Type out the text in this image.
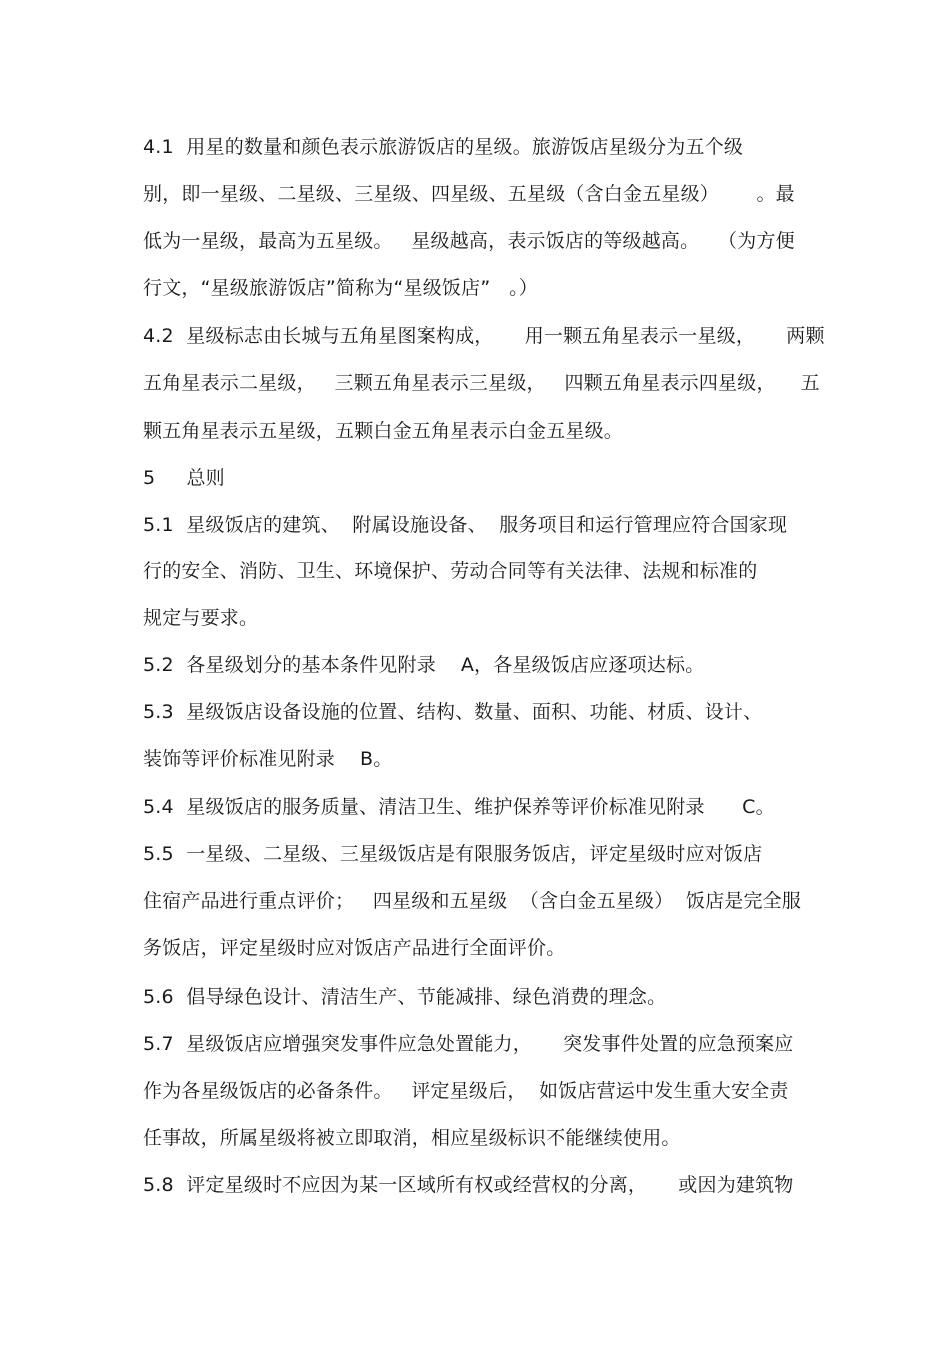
4.1  用星的数量和颜色表示旅游饭店的星级。旅游饭店星级分为五个级
别，即一星级、二星级、三星级、四星级、五星级（含白金五星级）      。最
低为一星级，最高为五星级。   星级越高，表示饭店的等级越高。   （为方便
行文，“星级旅游饭店”简称为“星级饭店”   。）
4.2  星级标志由长城与五角星图案构成，     用一颗五角星表示一星级，     两颗
五角星表示二星级，   三颗五角星表示三星级，   四颗五角星表示四星级，    五
颗五角星表示五星级，五颗白金五角星表示白金五星级。
5     总则
5.1  星级饭店的建筑、  附属设施设备、  服务项目和运行管理应符合国家现
行的安全、消防、卫生、环境保护、劳动合同等有关法律、法规和标准的
规定与要求。
5.2  各星级划分的基本条件见附录    A，各星级饭店应逐项达标。
5.3  星级饭店设备设施的位置、结构、数量、面积、功能、材质、设计、
装饰等评价标准见附录    B。
5.4  星级饭店的服务质量、清洁卫生、维护保养等评价标准见附录      C。
5.5  一星级、二星级、三星级饭店是有限服务饭店，评定星级时应对饭店
住宿产品进行重点评价；   四星级和五星级  （含白金五星级）  饭店是完全服
务饭店，评定星级时应对饭店产品进行全面评价。
5.6  倡导绿色设计、清洁生产、节能减排、绿色消费的理念。
5.7  星级饭店应增强突发事件应急处置能力，     突发事件处置的应急预案应
作为各星级饭店的必备条件。   评定星级后，  如饭店营运中发生重大安全责
任事故，所属星级将被立即取消，相应星级标识不能继续使用。
5.8  评定星级时不应因为某一区域所有权或经营权的分离，     或因为建筑物
